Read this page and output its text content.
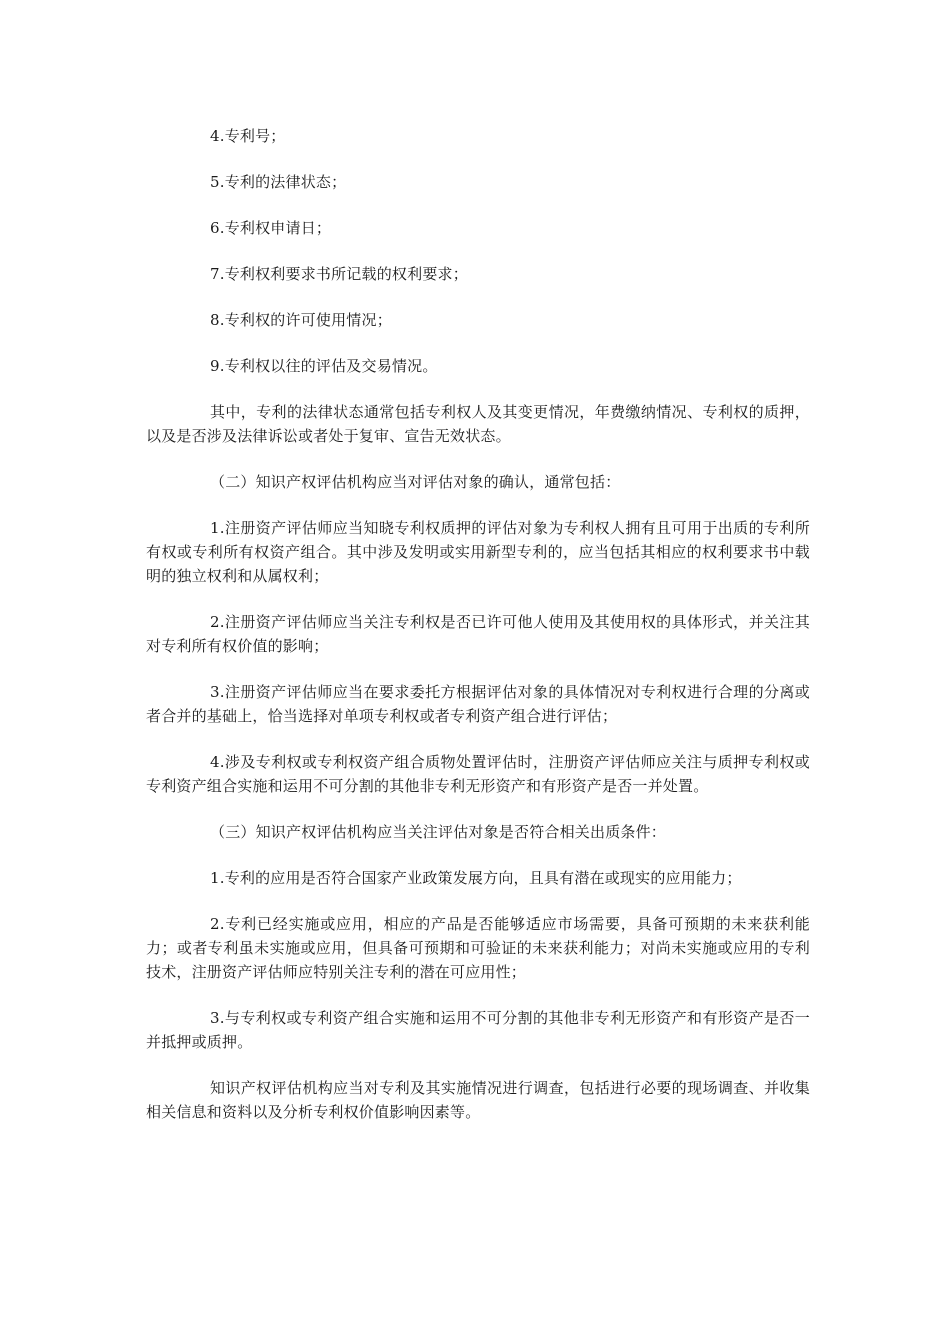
4.专利号；

5.专利的法律状态；

6.专利权申请日；

7.专利权利要求书所记载的权利要求；

8.专利权的许可使用情况；

9.专利权以往的评估及交易情况。

其中，专利的法律状态通常包括专利权人及其变更情况，年费缴纳情况、专利权的质押，以及是否涉及法律诉讼或者处于复审、宣告无效状态。

（二）知识产权评估机构应当对评估对象的确认，通常包括：

1.注册资产评估师应当知晓专利权质押的评估对象为专利权人拥有且可用于出质的专利所有权或专利所有权资产组合。其中涉及发明或实用新型专利的，应当包括其相应的权利要求书中载明的独立权利和从属权利；

2.注册资产评估师应当关注专利权是否已许可他人使用及其使用权的具体形式，并关注其对专利所有权价值的影响；

3.注册资产评估师应当在要求委托方根据评估对象的具体情况对专利权进行合理的分离或者合并的基础上，恰当选择对单项专利权或者专利资产组合进行评估；

4.涉及专利权或专利权资产组合质物处置评估时，注册资产评估师应关注与质押专利权或专利资产组合实施和运用不可分割的其他非专利无形资产和有形资产是否一并处置。

（三）知识产权评估机构应当关注评估对象是否符合相关出质条件：

1.专利的应用是否符合国家产业政策发展方向，且具有潜在或现实的应用能力；

2.专利已经实施或应用，相应的产品是否能够适应市场需要，具备可预期的未来获利能力；或者专利虽未实施或应用，但具备可预期和可验证的未来获利能力；对尚未实施或应用的专利技术，注册资产评估师应特别关注专利的潜在可应用性；

3.与专利权或专利资产组合实施和运用不可分割的其他非专利无形资产和有形资产是否一并抵押或质押。

知识产权评估机构应当对专利及其实施情况进行调查，包括进行必要的现场调查、并收集相关信息和资料以及分析专利权价值影响因素等。
